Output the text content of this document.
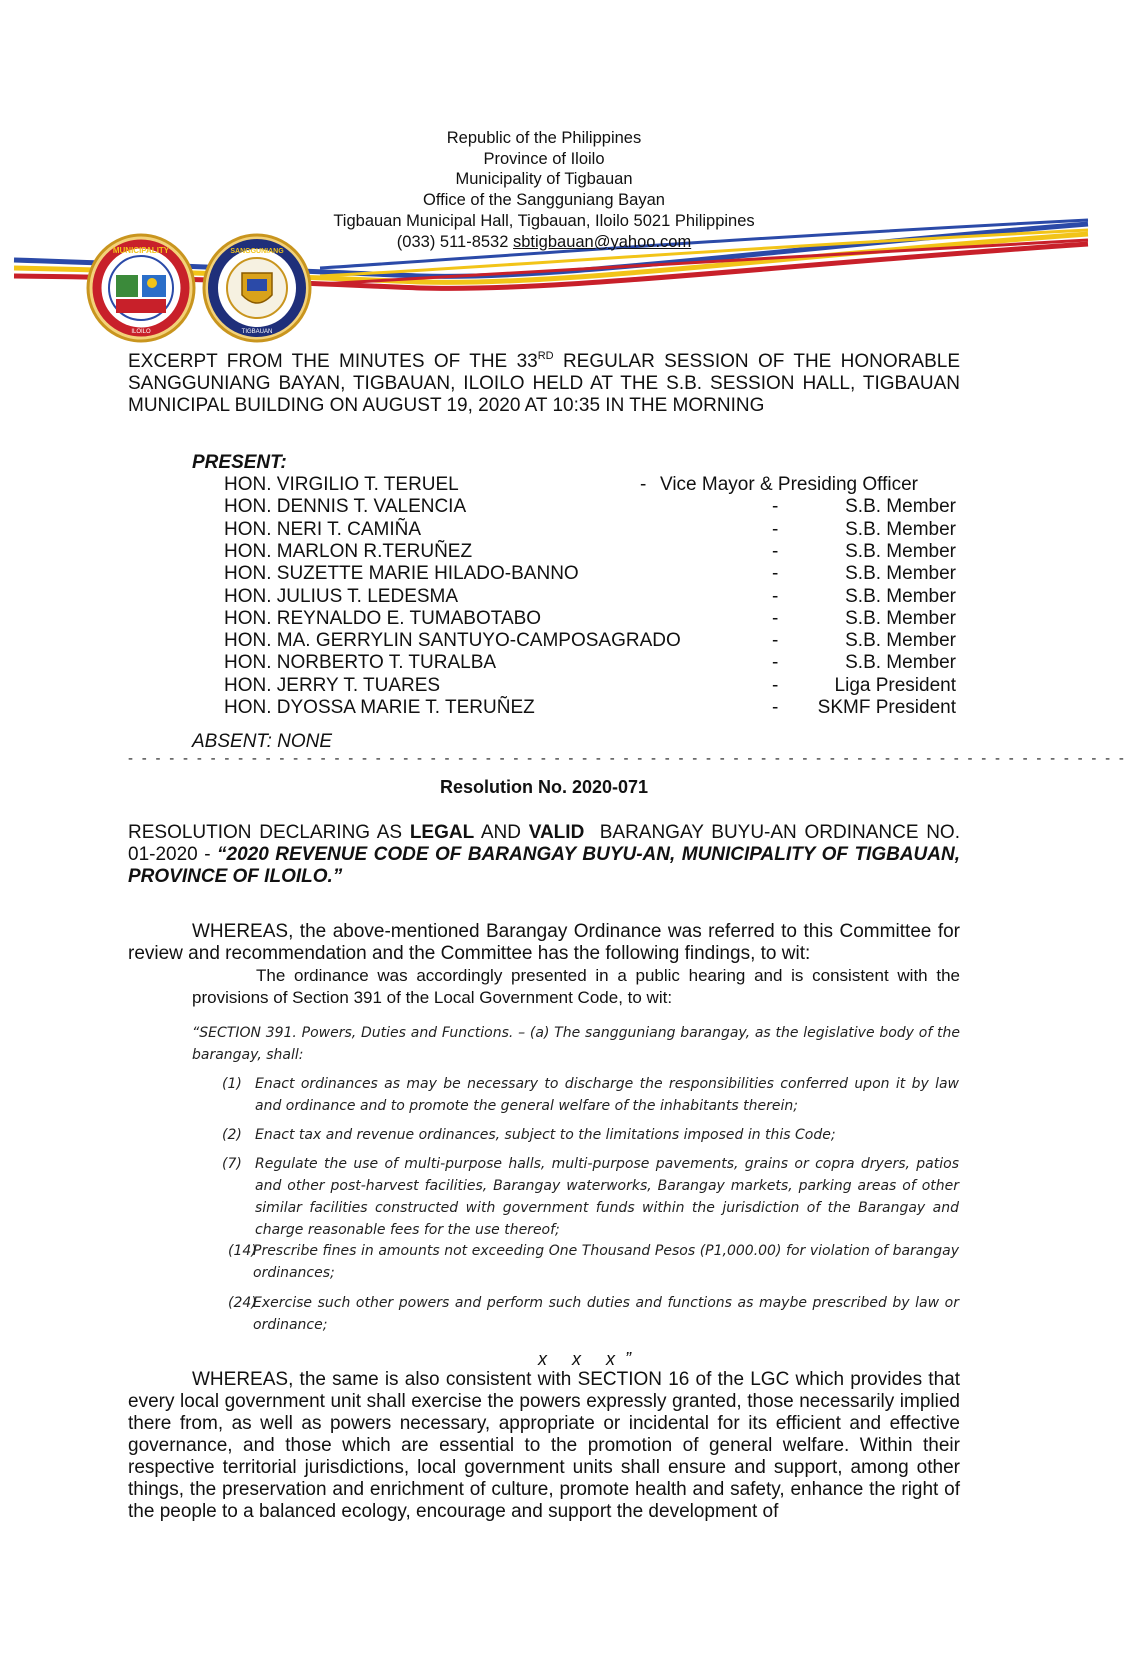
MUNICIPALITY
ILOILO
SANGGUNIANG
TIGBAUAN
Republic of the Philippines
Province of Iloilo
Municipality of Tigbauan
Office of the Sangguniang Bayan
Tigbauan Municipal Hall, Tigbauan, Iloilo 5021 Philippines
(033) 511-8532 sbtigbauan@yahoo.com
EXCERPT FROM THE MINUTES OF THE 33RD REGULAR SESSION OF THE HONORABLE SANGGUNIANG BAYAN, TIGBAUAN, ILOILO HELD AT THE S.B. SESSION HALL, TIGBAUAN MUNICIPAL BUILDING ON AUGUST 19, 2020 AT 10:35 IN THE MORNING
PRESENT:
HON. VIRGILIO T. TERUEL	- Vice Mayor & Presiding Officer
HON. DENNIS T. VALENCIA	-	S.B. Member
HON. NERI T. CAMIÑA	-	S.B. Member
HON. MARLON R.TERUÑEZ	-	S.B. Member
HON. SUZETTE MARIE HILADO-BANNO	-	S.B. Member
HON. JULIUS T. LEDESMA	-	S.B. Member
HON. REYNALDO E. TUMABOTABO	-	S.B. Member
HON. MA. GERRYLIN SANTUYO-CAMPOSAGRADO	-	S.B. Member
HON. NORBERTO T. TURALBA	-	S.B. Member
HON. JERRY T. TUARES	-	Liga President
HON. DYOSSA MARIE T. TERUÑEZ	-	SKMF President
ABSENT: NONE
- - - - - - - - - - - - - - - - - - - - - - - - - - - - - - - - - - - - - - - - - - - - - - - - - - - - - - - - - - - - - - - - - - - - - - - - -
Resolution No. 2020-071
RESOLUTION DECLARING AS LEGAL AND VALID  BARANGAY BUYU-AN ORDINANCE NO. 01-2020 - “2020 REVENUE CODE OF BARANGAY BUYU-AN, MUNICIPALITY OF TIGBAUAN, PROVINCE OF ILOILO.”
WHEREAS, the above-mentioned Barangay Ordinance was referred to this Committee for review and recommendation and the Committee has the following findings, to wit:
The ordinance was accordingly presented in a public hearing and is consistent with the provisions of Section 391 of the Local Government Code, to wit:
“SECTION 391. Powers, Duties and Functions. – (a) The sangguniang barangay, as the legislative body of the barangay, shall:
(1) Enact ordinances as may be necessary to discharge the responsibilities conferred upon it by law and ordinance and to promote the general welfare of the inhabitants therein;
(2) Enact tax and revenue ordinances, subject to the limitations imposed in this Code;
(7) Regulate the use of multi-purpose halls, multi-purpose pavements, grains or copra dryers, patios and other post-harvest facilities, Barangay waterworks, Barangay markets, parking areas of other similar facilities constructed with government funds within the jurisdiction of the Barangay and charge reasonable fees for the use thereof;
(14)
Prescribe fines in amounts not exceeding One Thousand Pesos (P1,000.00) for violation of barangay ordinances;
(24)
Exercise such other powers and perform such duties and functions as maybe prescribed by law or ordinance;
x x x”
WHEREAS, the same is also consistent with SECTION 16 of the LGC which provides that every local government unit shall exercise the powers expressly granted, those necessarily implied there from, as well as powers necessary, appropriate or incidental for its efficient and effective governance, and those which are essential to the promotion of general welfare. Within their respective territorial jurisdictions, local government units shall ensure and support, among other things, the preservation and enrichment of culture, promote health and safety, enhance the right of the people to a balanced ecology, encourage and support the development of
